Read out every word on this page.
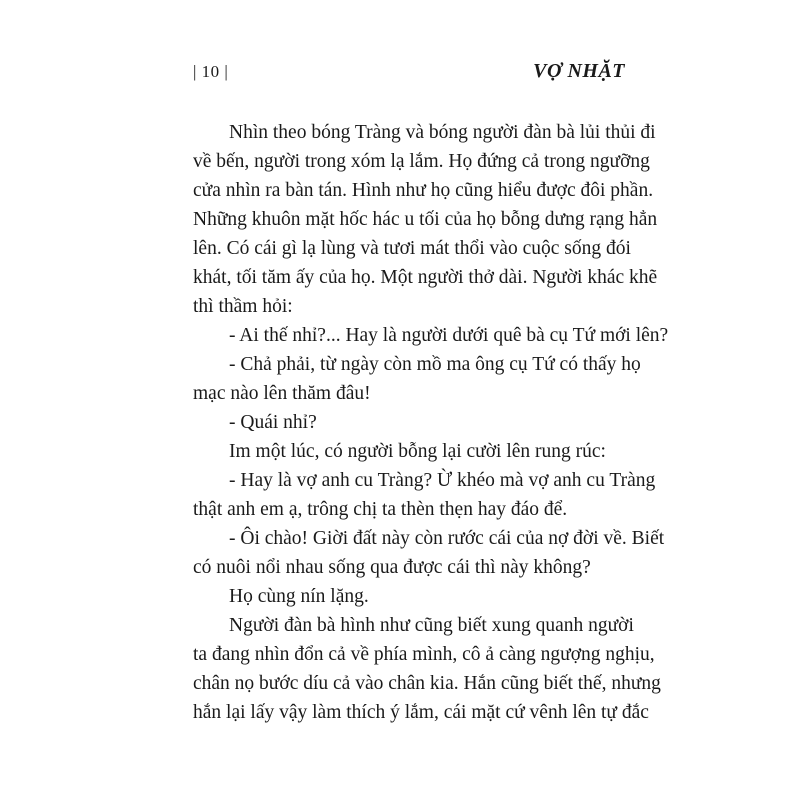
| 10 |	VỢ NHẶT

Nhìn theo bóng Tràng và bóng người đàn bà lủi thủi đi
về bến, người trong xóm lạ lắm. Họ đứng cả trong ngưỡng
cửa nhìn ra bàn tán. Hình như họ cũng hiểu được đôi phần.
Những khuôn mặt hốc hác u tối của họ bỗng dưng rạng hẳn
lên. Có cái gì lạ lùng và tươi mát thổi vào cuộc sống đói
khát, tối tăm ấy của họ. Một người thở dài. Người khác khẽ
thì thầm hỏi:

- Ai thế nhỉ?... Hay là người dưới quê bà cụ Tứ mới lên?

- Chả phải, từ ngày còn mồ ma ông cụ Tứ có thấy họ
mạc nào lên thăm đâu!

- Quái nhỉ?

Im một lúc, có người bỗng lại cười lên rung rúc:

- Hay là vợ anh cu Tràng? Ừ khéo mà vợ anh cu Tràng
thật anh em ạ, trông chị ta thèn thẹn hay đáo để.

- Ôi chào! Giời đất này còn rước cái của nợ đời về. Biết
có nuôi nổi nhau sống qua được cái thì này không?

Họ cùng nín lặng.

Người đàn bà hình như cũng biết xung quanh người
ta đang nhìn đổn cả về phía mình, cô ả càng ngượng nghịu,
chân nọ bước díu cả vào chân kia. Hắn cũng biết thế, nhưng
hắn lại lấy vậy làm thích ý lắm, cái mặt cứ vênh lên tự đắc
